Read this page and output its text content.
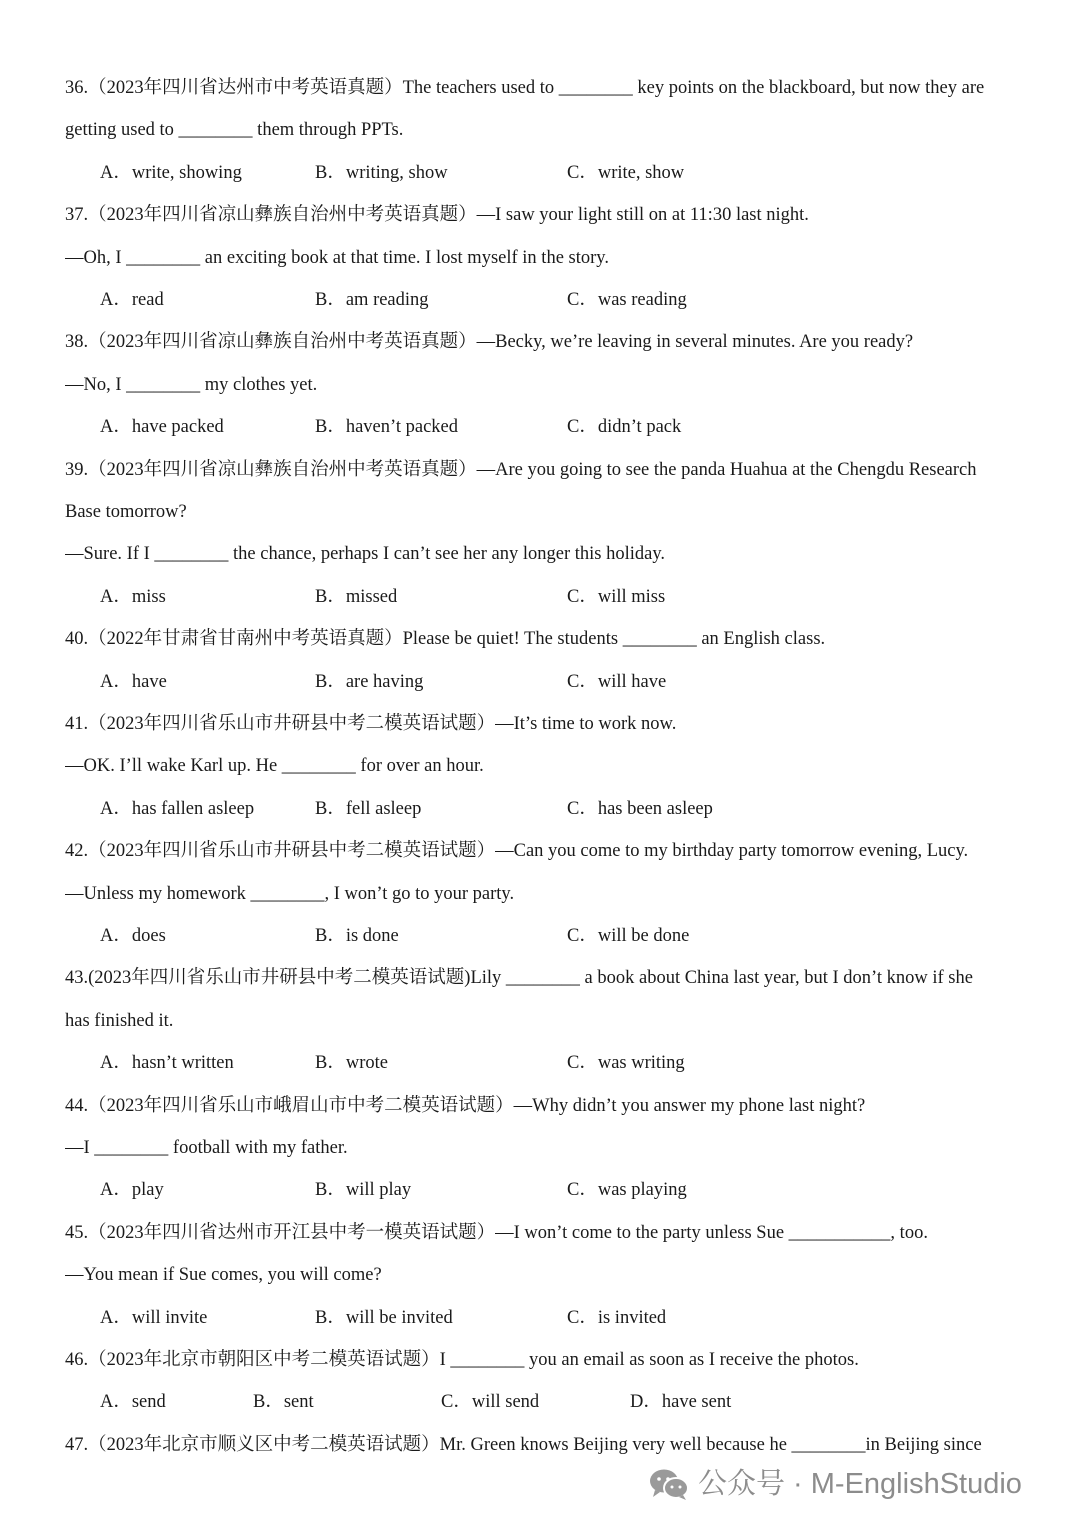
36.（2023年四川省达州市中考英语真题）The teachers used to ________ key points on the blackboard, but now they are
getting used to ________ them through PPTs.
A．write, showing	B．writing, show	C．write, show
37.（2023年四川省凉山彝族自治州中考英语真题）—I saw your light still on at 11:30 last night.
—Oh, I ________ an exciting book at that time. I lost myself in the story.
A．read	B．am reading	C．was reading
38.（2023年四川省凉山彝族自治州中考英语真题）—Becky, we’re leaving in several minutes. Are you ready?
—No, I ________ my clothes yet.
A．have packed	B．haven’t packed	C．didn’t pack
39.（2023年四川省凉山彝族自治州中考英语真题）—Are you going to see the panda Huahua at the Chengdu Research
Base tomorrow?
—Sure. If I ________ the chance, perhaps I can’t see her any longer this holiday.
A．miss	B．missed	C．will miss
40.（2022年甘肃省甘南州中考英语真题）Please be quiet! The students ________ an English class.
A．have	B．are having	C．will have
41.（2023年四川省乐山市井研县中考二模英语试题）—It’s time to work now.
—OK. I’ll wake Karl up. He ________ for over an hour.
A．has fallen asleep	B．fell asleep	C．has been asleep
42.（2023年四川省乐山市井研县中考二模英语试题）—Can you come to my birthday party tomorrow evening, Lucy.
—Unless my homework ________, I won’t go to your party.
A．does	B．is done	C．will be done
43.(2023年四川省乐山市井研县中考二模英语试题)Lily ________ a book about China last year, but I don’t know if she
has finished it.
A．hasn’t written	B．wrote	C．was writing
44.（2023年四川省乐山市峨眉山市中考二模英语试题）—Why didn’t you answer my phone last night?
—I ________ football with my father.
A．play	B．will play	C．was playing
45.（2023年四川省达州市开江县中考一模英语试题）—I won’t come to the party unless Sue ___________, too.
—You mean if Sue comes, you will come?
A．will invite	B．will be invited	C．is invited
46.（2023年北京市朝阳区中考二模英语试题）I ________ you an email as soon as I receive the photos.
A．send	B．sent	C．will send	D．have sent
47.（2023年北京市顺义区中考二模英语试题）Mr. Green knows Beijing very well because he ________in Beijing since
公众号 · M-EnglishStudio
